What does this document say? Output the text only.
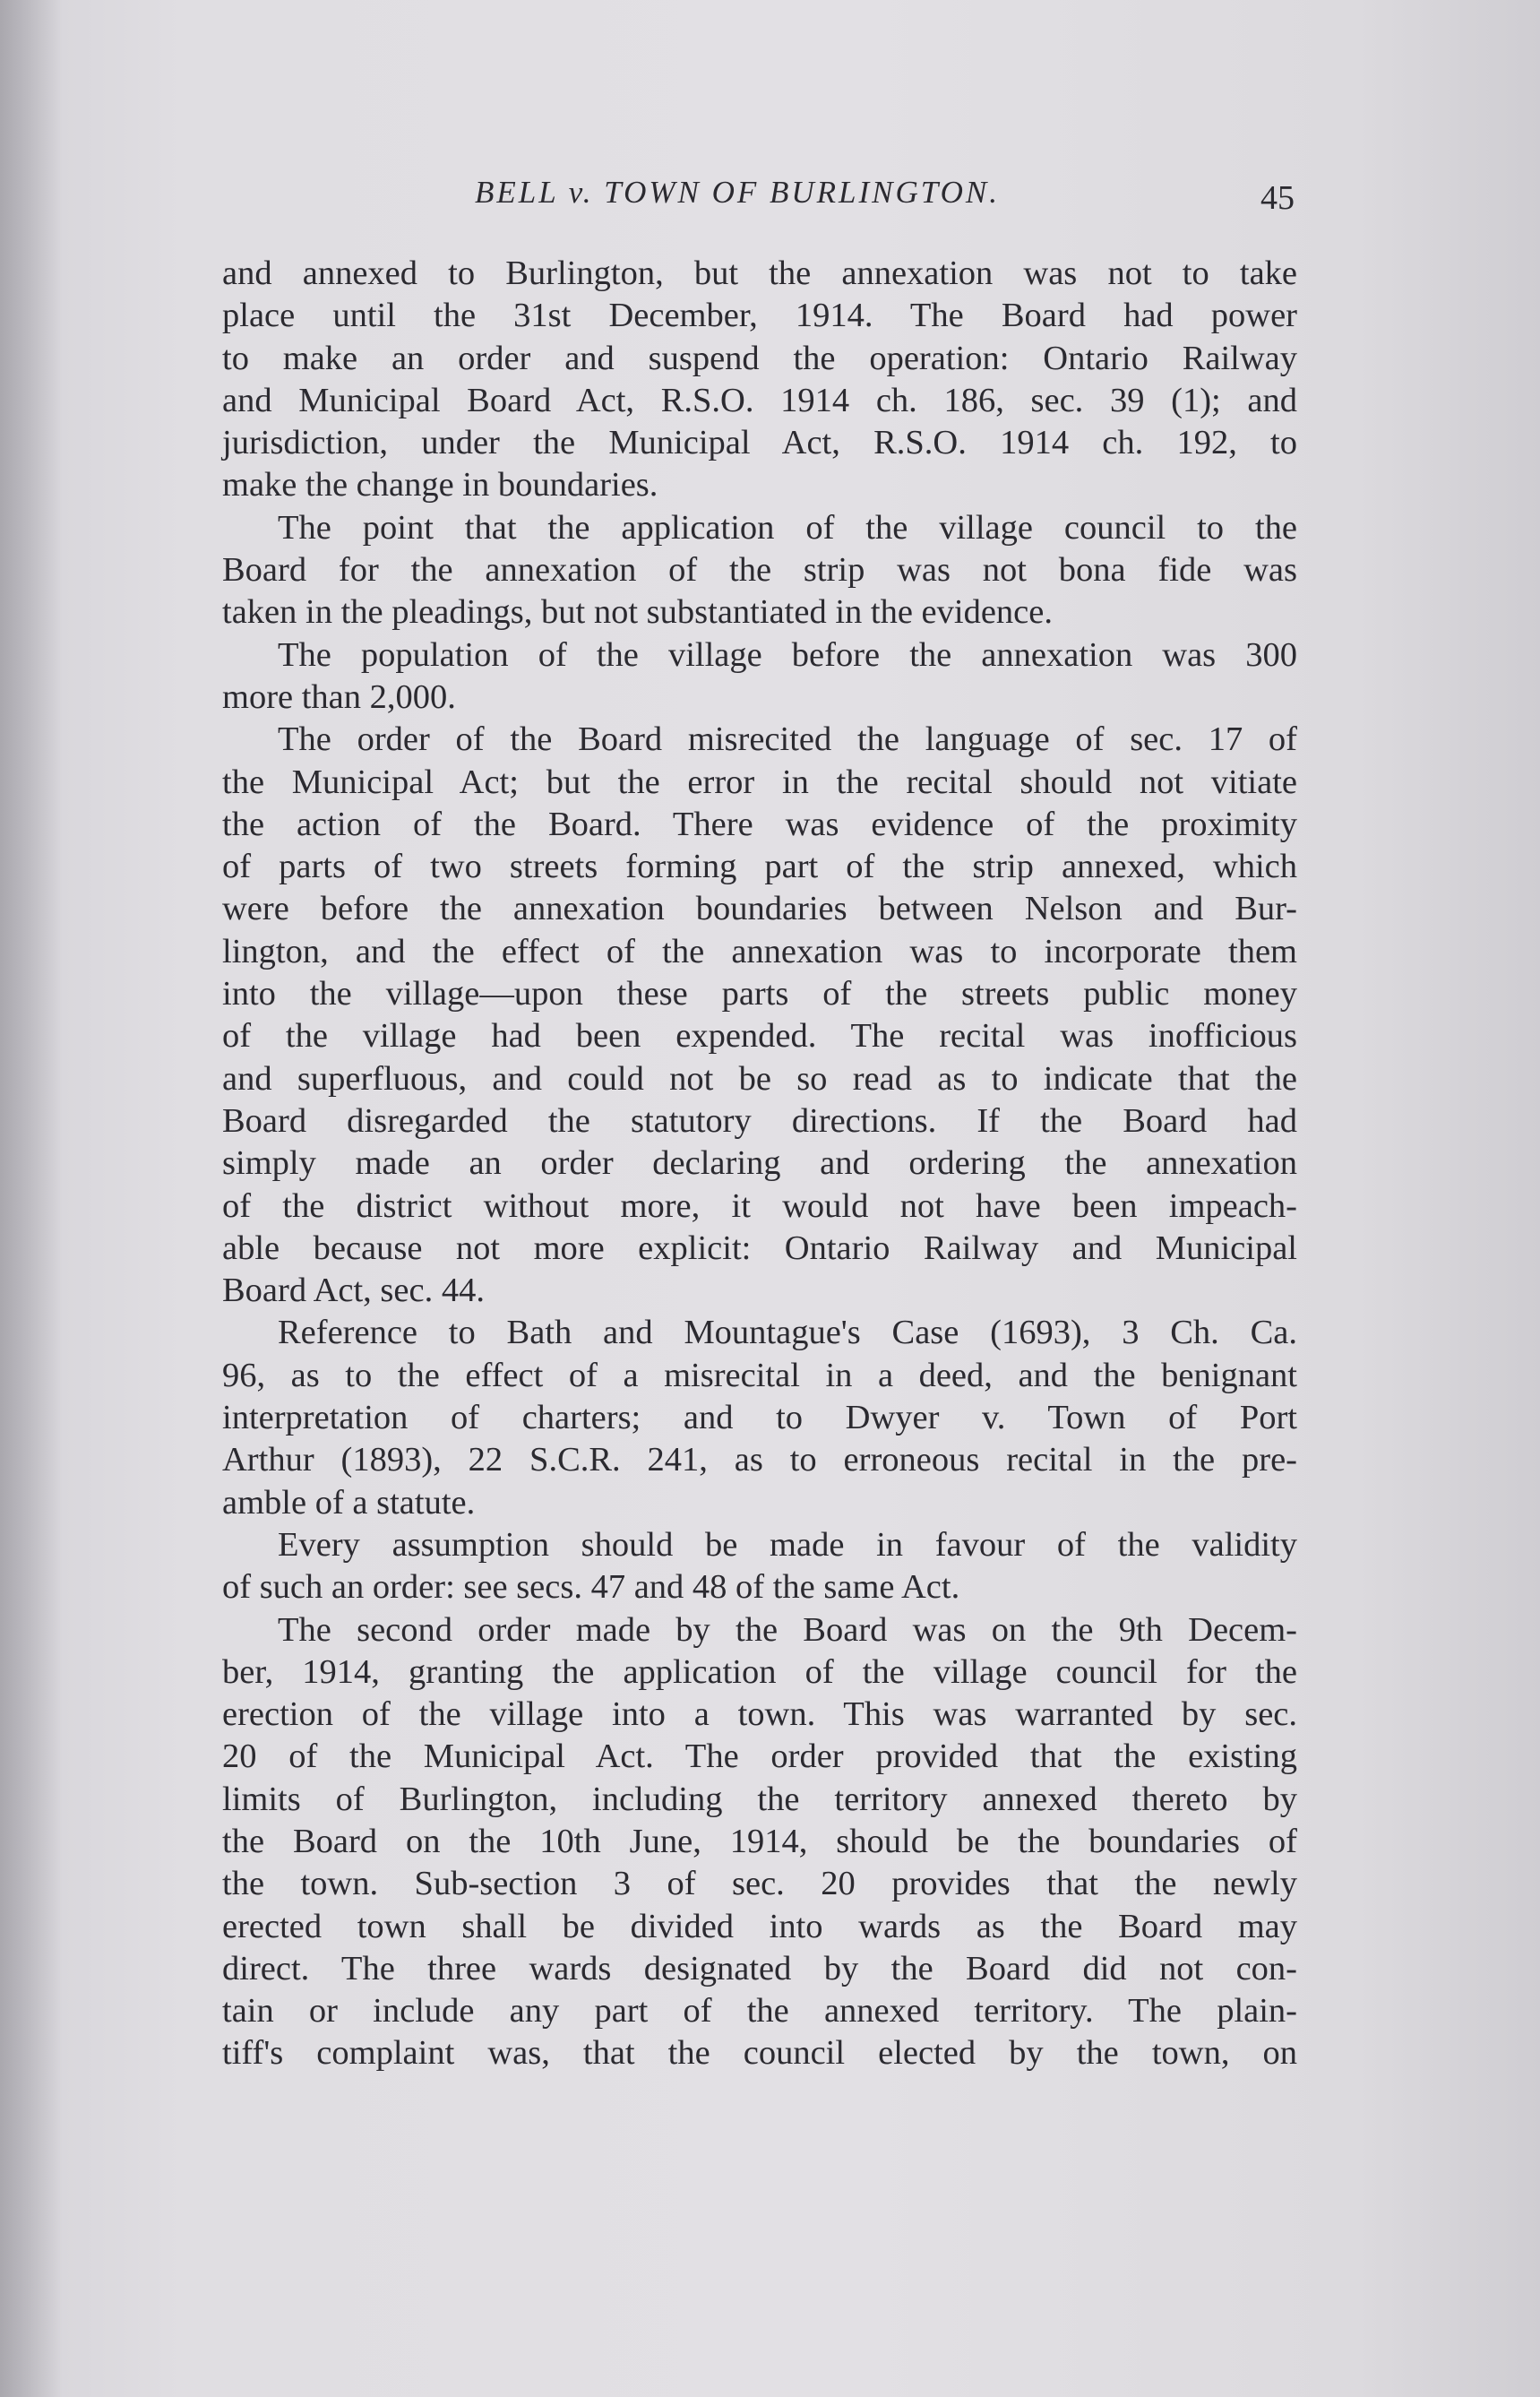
BELL v. TOWN OF BURLINGTON.	45

and annexed to Burlington, but the annexation was not to take
place until the 31st December, 1914. The Board had power
to make an order and suspend the operation: Ontario Railway
and Municipal Board Act, R.S.O. 1914 ch. 186, sec. 39 (1); and
jurisdiction, under the Municipal Act, R.S.O. 1914 ch. 192, to
make the change in boundaries.

The point that the application of the village council to the
Board for the annexation of the strip was not bona fide was
taken in the pleadings, but not substantiated in the evidence.

The population of the village before the annexation was 300
more than 2,000.

The order of the Board misrecited the language of sec. 17 of
the Municipal Act; but the error in the recital should not vitiate
the action of the Board. There was evidence of the proximity
of parts of two streets forming part of the strip annexed, which
were before the annexation boundaries between Nelson and Bur-
lington, and the effect of the annexation was to incorporate them
into the village—upon these parts of the streets public money
of the village had been expended. The recital was inofficious
and superfluous, and could not be so read as to indicate that the
Board disregarded the statutory directions. If the Board had
simply made an order declaring and ordering the annexation
of the district without more, it would not have been impeach-
able because not more explicit: Ontario Railway and Municipal
Board Act, sec. 44.

Reference to Bath and Mountague's Case (1693), 3 Ch. Ca.
96, as to the effect of a misrecital in a deed, and the benignant
interpretation of charters; and to Dwyer v. Town of Port
Arthur (1893), 22 S.C.R. 241, as to erroneous recital in the pre-
amble of a statute.

Every assumption should be made in favour of the validity
of such an order: see secs. 47 and 48 of the same Act.

The second order made by the Board was on the 9th Decem-
ber, 1914, granting the application of the village council for the
erection of the village into a town. This was warranted by sec.
20 of the Municipal Act. The order provided that the existing
limits of Burlington, including the territory annexed thereto by
the Board on the 10th June, 1914, should be the boundaries of
the town. Sub-section 3 of sec. 20 provides that the newly
erected town shall be divided into wards as the Board may
direct. The three wards designated by the Board did not con-
tain or include any part of the annexed territory. The plain-
tiff's complaint was, that the council elected by the town, on
